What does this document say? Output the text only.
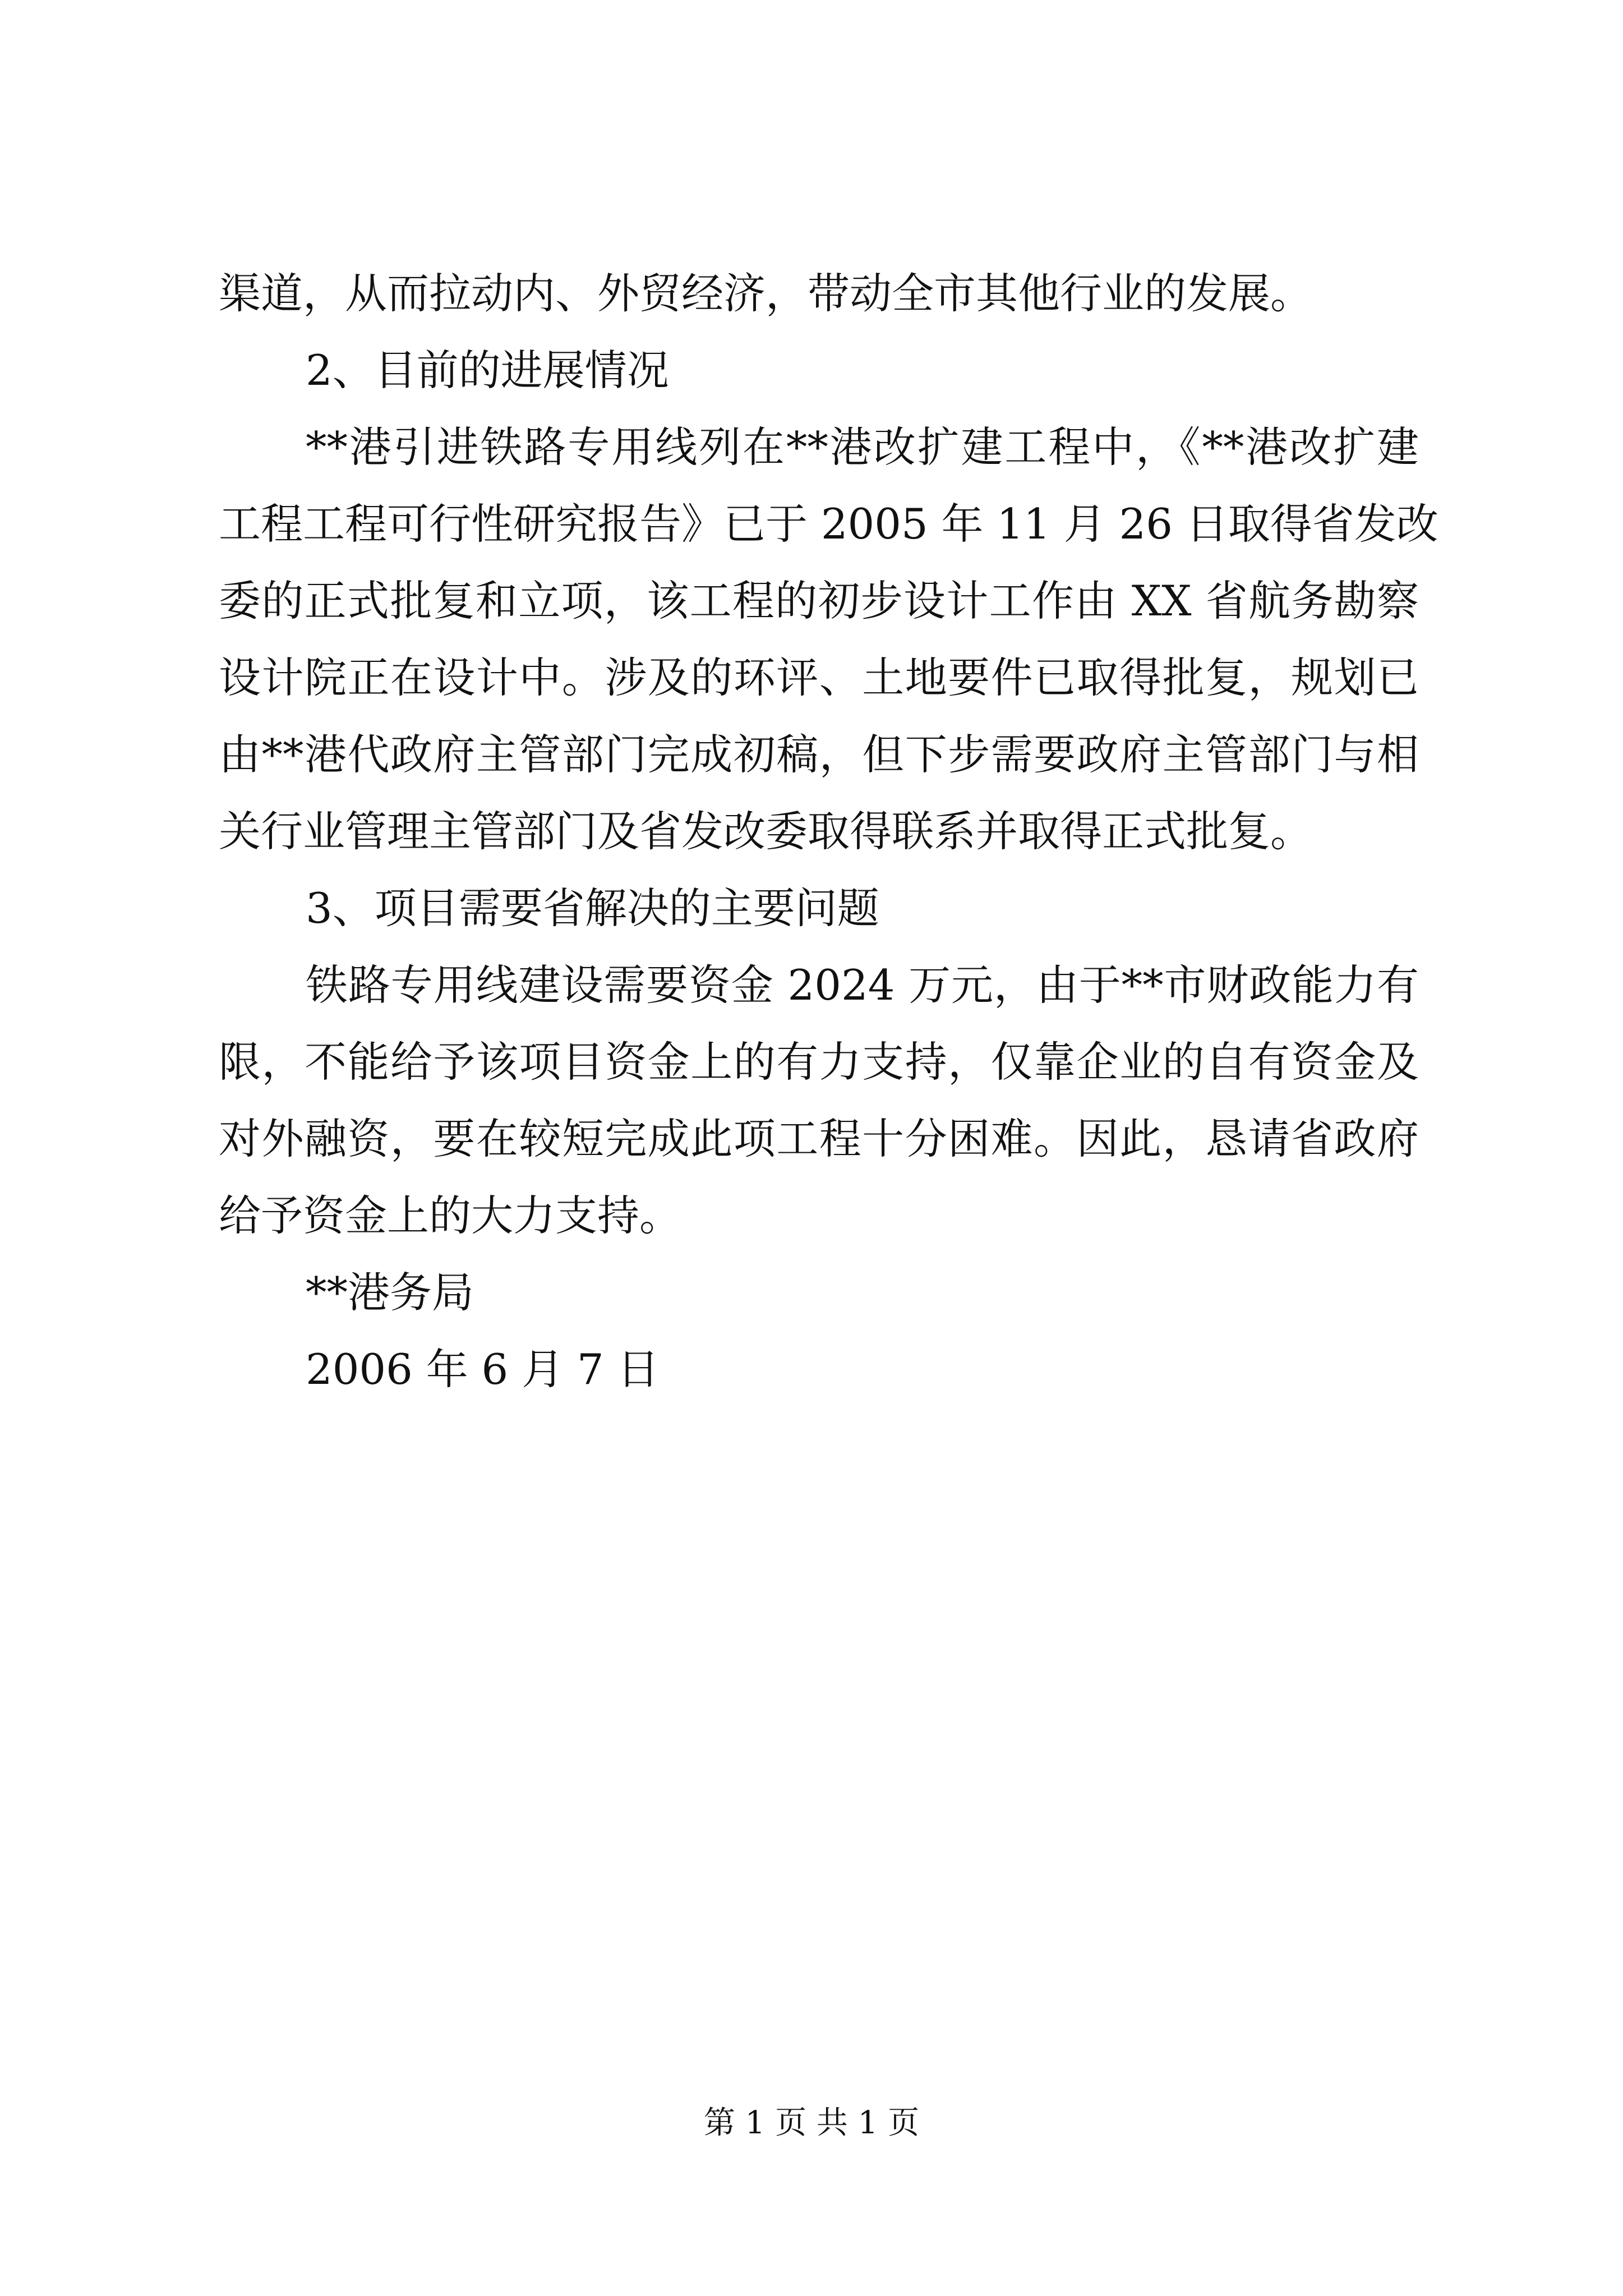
渠道，从而拉动内、外贸经济，带动全市其他行业的发展。
2、目前的进展情况
**港引进铁路专用线列在**港改扩建工程中，《**港改扩建
工程工程可行性研究报告》已于 2005 年 11 月 26 日取得省发改
委的正式批复和立项，该工程的初步设计工作由 XX 省航务勘察
设计院正在设计中。涉及的环评、土地要件已取得批复，规划已
由**港代政府主管部门完成初稿，但下步需要政府主管部门与相
关行业管理主管部门及省发改委取得联系并取得正式批复。
3、项目需要省解决的主要问题
铁路专用线建设需要资金 2024 万元，由于**市财政能力有
限，不能给予该项目资金上的有力支持，仅靠企业的自有资金及
对外融资，要在较短完成此项工程十分困难。因此，恳请省政府
给予资金上的大力支持。
**港务局
2006 年 6 月 7 日

第 1 页 共 1 页
